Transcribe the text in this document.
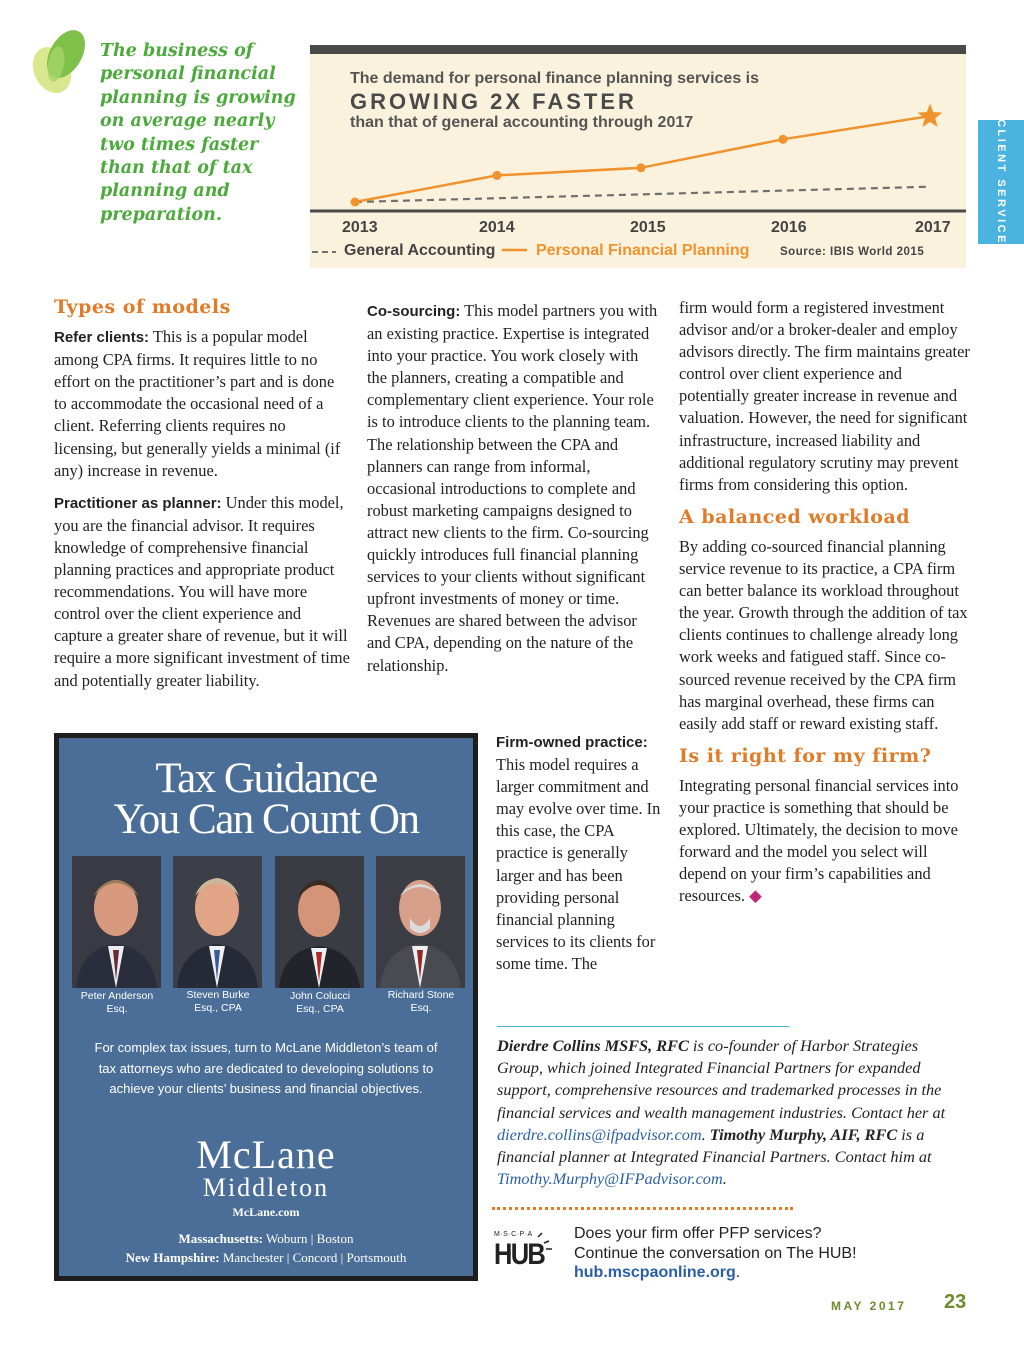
The business of personal financial planning is growing on average nearly two times faster than that of tax planning and preparation.
The demand for personal finance planning services is
GROWING 2X FASTER
than that of general accounting through 2017
2013	2014	2015	2016	2017
General Accounting	Personal Financial Planning	Source: IBIS World 2015
CLIENT SERVICE
Types of models

Refer clients: This is a popular model among CPA firms. It requires little to no effort on the practitioner’s part and is done to accommodate the occasional need of a client. Referring clients requires no licensing, but generally yields a minimal (if any) increase in revenue.

Practitioner as planner: Under this model, you are the financial advisor. It requires knowledge of comprehensive financial planning practices and appropriate product recommendations. You will have more control over the client experience and capture a greater share of revenue, but it will require a more significant investment of time and potentially greater liability.

Co-sourcing: This model partners you with an existing practice. Expertise is integrated into your practice. You work closely with the planners, creating a compatible and complementary client experience. Your role is to introduce clients to the planning team. The relationship between the CPA and planners can range from informal, occasional introductions to complete and robust marketing campaigns designed to attract new clients to the firm. Co-sourcing quickly introduces full financial planning services to your clients without significant upfront investments of money or time. Revenues are shared between the advisor and CPA, depending on the nature of the relationship.

Firm-owned practice: This model requires a larger commitment and may evolve over time. In this case, the CPA practice is generally larger and has been providing personal financial planning services to its clients for some time. The

firm would form a registered investment advisor and/or a broker-dealer and employ advisors directly. The firm maintains greater control over client experience and potentially greater increase in revenue and valuation. However, the need for significant infrastructure, increased liability and additional regulatory scrutiny may prevent firms from considering this option.

A balanced workload

By adding co-sourced financial planning service revenue to its practice, a CPA firm can better balance its workload throughout the year. Growth through the addition of tax clients continues to challenge already long work weeks and fatigued staff. Since co-sourced revenue received by the CPA firm has marginal overhead, these firms can easily add staff or reward existing staff.

Is it right for my firm?

Integrating personal financial services into your practice is something that should be explored. Ultimately, the decision to move forward and the model you select will depend on your firm’s capabilities and resources. ◆

Tax Guidance
You Can Count On
Peter Anderson
Esq.
Steven Burke
Esq., CPA
John Colucci
Esq., CPA
Richard Stone
Esq.
For complex tax issues, turn to McLane Middleton’s team of tax attorneys who are dedicated to developing solutions to achieve your clients’ business and financial objectives.
McLane
Middleton
McLane.com
Massachusetts: Woburn | Boston
New Hampshire: Manchester | Concord | Portsmouth
Dierdre Collins MSFS, RFC is co-founder of Harbor Strategies Group, which joined Integrated Financial Partners for expanded support, comprehensive resources and trademarked processes in the financial services and wealth management industries. Contact her at dierdre.collins@ifpadvisor.com. Timothy Murphy, AIF, RFC is a financial planner at Integrated Financial Partners. Contact him at Timothy.Murphy@IFPadvisor.com.
M·S·C·P·A
HUB
Does your firm offer PFP services?
Continue the conversation on The HUB!
hub.mscpaonline.org.
MAY 2017 23
